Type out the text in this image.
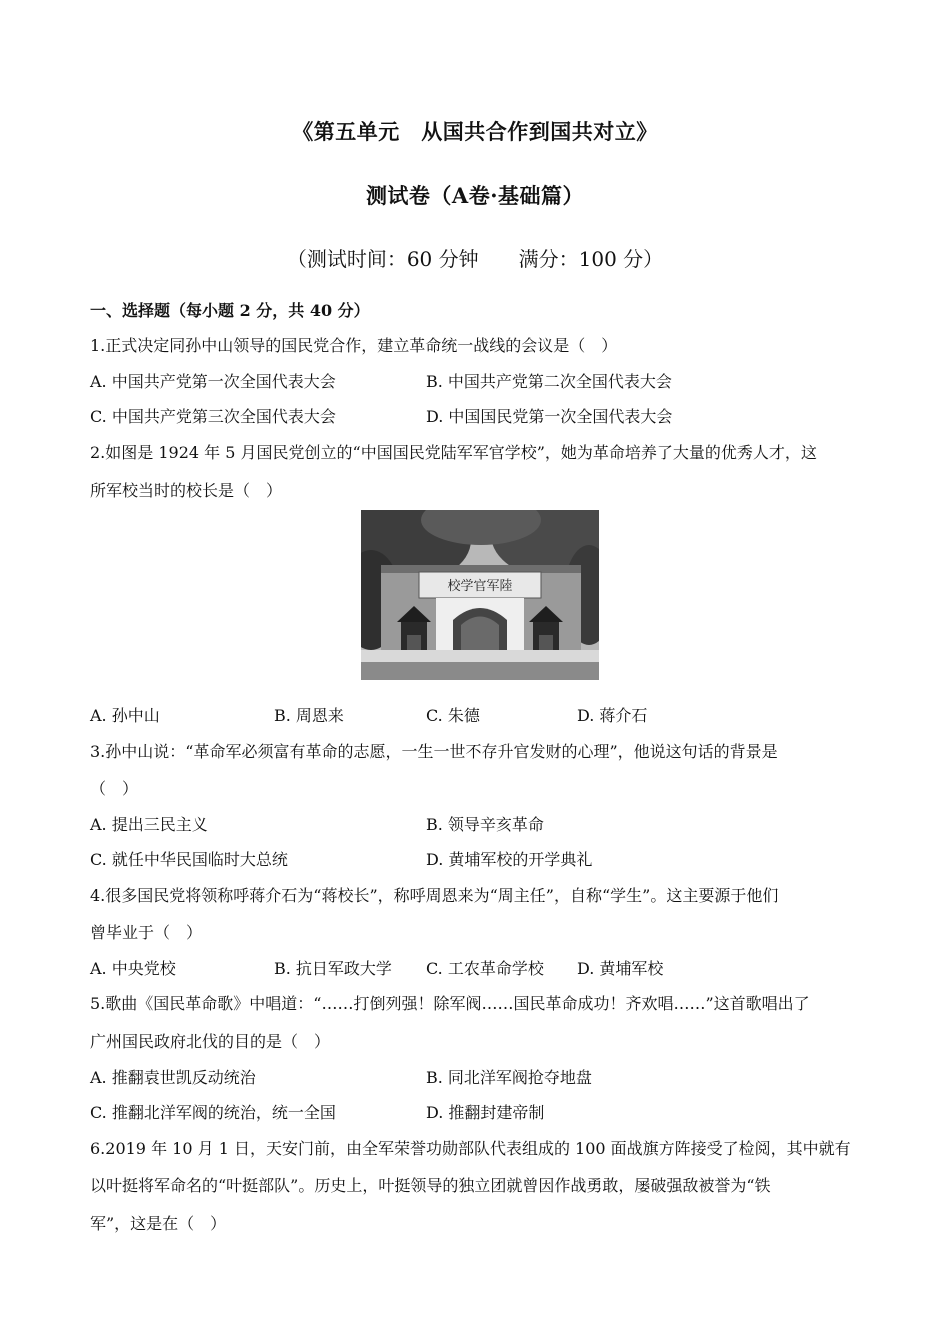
《第五单元　从国共合作到国共对立》
测试卷（A卷·基础篇）
（测试时间：60 分钟　　满分：100 分）
一、选择题（每小题 2 分，共 40 分）
1.正式决定同孙中山领导的国民党合作，建立革命统一战线的会议是（　）
A. 中国共产党第一次全国代表大会	B. 中国共产党第二次全国代表大会
C. 中国共产党第三次全国代表大会	D. 中国国民党第一次全国代表大会
2.如图是 1924 年 5 月国民党创立的“中国国民党陆军军官学校”，她为革命培养了大量的优秀人才，这
所军校当时的校长是（　）
校学官军陸
A. 孙中山	B. 周恩来	C. 朱德	D. 蒋介石
3.孙中山说：“革命军必须富有革命的志愿，一生一世不存升官发财的心理”，他说这句话的背景是
（　）
A. 提出三民主义	B. 领导辛亥革命
C. 就任中华民国临时大总统	D. 黄埔军校的开学典礼
4.很多国民党将领称呼蒋介石为“蒋校长”，称呼周恩来为“周主任”，自称“学生”。这主要源于他们
曾毕业于（　）
A. 中央党校	B. 抗日军政大学 C. 工农革命学校 D. 黄埔军校
5.歌曲《国民革命歌》中唱道：“……打倒列强！除军阀……国民革命成功！齐欢唱……”这首歌唱出了
广州国民政府北伐的目的是（　）
A. 推翻袁世凯反动统治	B. 同北洋军阀抢夺地盘
C. 推翻北洋军阀的统治，统一全国	D. 推翻封建帝制
6.2019 年 10 月 1 日，天安门前，由全军荣誉功勋部队代表组成的 100 面战旗方阵接受了检阅，其中就有
以叶挺将军命名的“叶挺部队”。历史上，叶挺领导的独立团就曾因作战勇敢，屡破强敌被誉为“铁
军”，这是在（　）
